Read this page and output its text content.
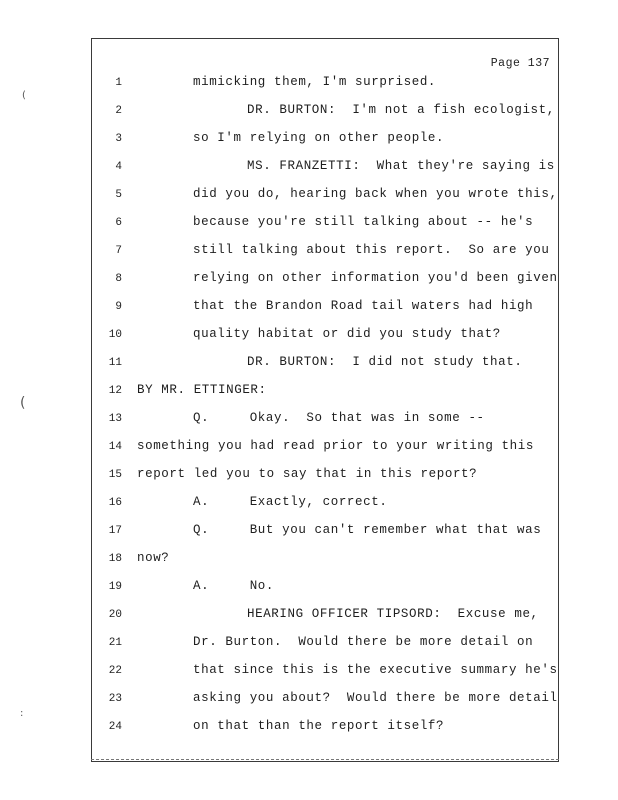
Page 137
1	mimicking them, I'm surprised.
2	DR. BURTON:  I'm not a fish ecologist,
3	so I'm relying on other people.
4	MS. FRANZETTI:  What they're saying is
5	did you do, hearing back when you wrote this,
6	because you're still talking about -- he's
7	still talking about this report.  So are you
8	relying on other information you'd been given
9	that the Brandon Road tail waters had high
10	quality habitat or did you study that?
11	DR. BURTON:  I did not study that.
12 BY MR. ETTINGER:
13	Q.     Okay.  So that was in some --
14 something you had read prior to your writing this
15 report led you to say that in this report?
16	A.     Exactly, correct.
17	Q.     But you can't remember what that was
18 now?
19	A.     No.
20	HEARING OFFICER TIPSORD:  Excuse me,
21	Dr. Burton.  Would there be more detail on
22	that since this is the executive summary he's
23	asking you about?  Would there be more detail
24	on that than the report itself?
(
(
:
